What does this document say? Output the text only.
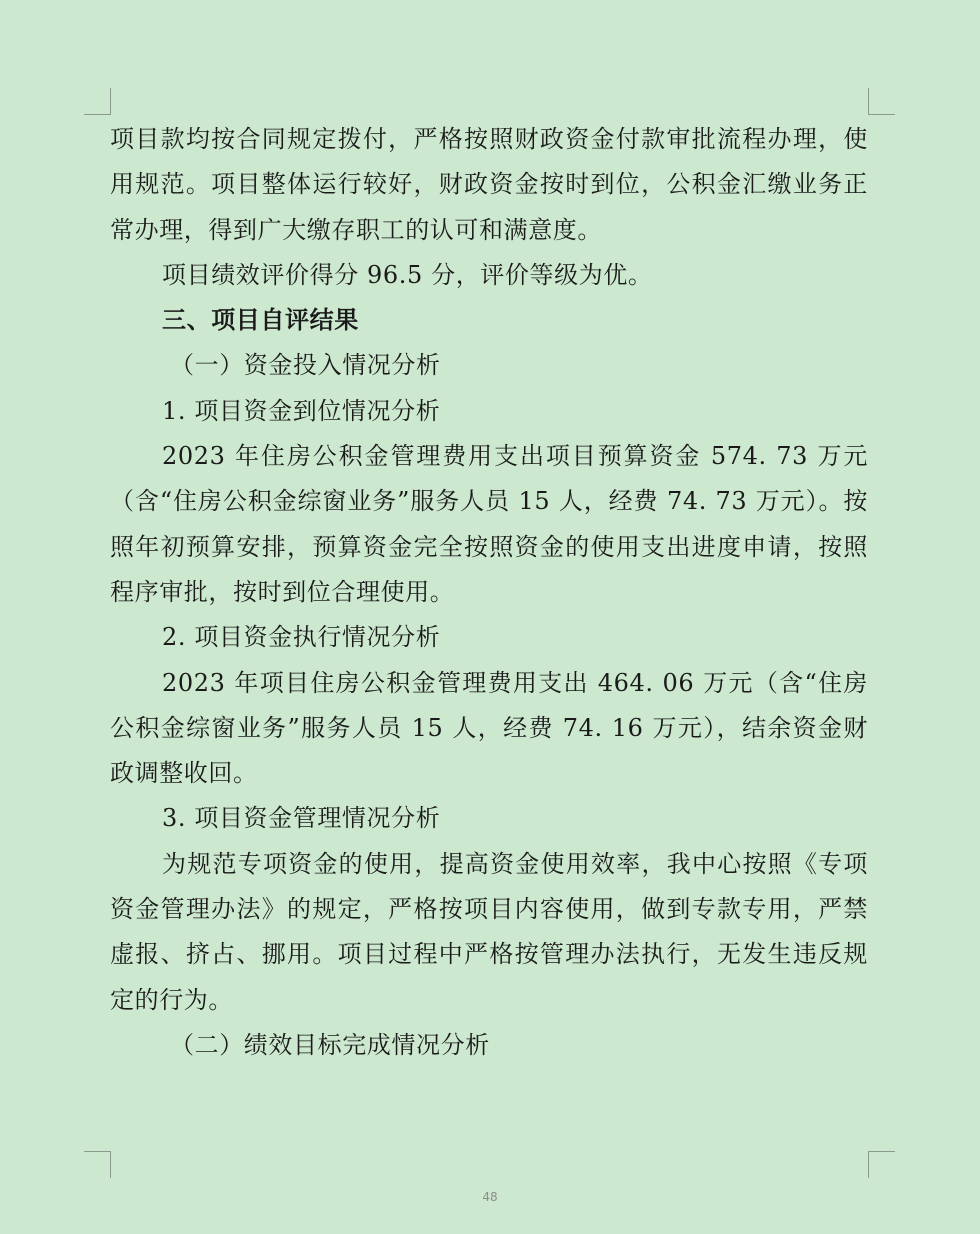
项目款均按合同规定拨付，严格按照财政资金付款审批流程办理，使用规范。项目整体运行较好，财政资金按时到位，公积金汇缴业务正常办理，得到广大缴存职工的认可和满意度。

项目绩效评价得分 96.5 分，评价等级为优。

三、项目自评结果

（一）资金投入情况分析

1. 项目资金到位情况分析

2023 年住房公积金管理费用支出项目预算资金 574. 73 万元（含“住房公积金综窗业务”服务人员 15 人，经费 74. 73 万元）。按照年初预算安排，预算资金完全按照资金的使用支出进度申请，按照程序审批，按时到位合理使用。

2. 项目资金执行情况分析

2023 年项目住房公积金管理费用支出 464. 06 万元（含“住房公积金综窗业务”服务人员 15 人，经费 74. 16 万元），结余资金财政调整收回。

3. 项目资金管理情况分析

为规范专项资金的使用，提高资金使用效率，我中心按照《专项资金管理办法》的规定，严格按项目内容使用，做到专款专用，严禁虚报、挤占、挪用。项目过程中严格按管理办法执行，无发生违反规定的行为。

（二）绩效目标完成情况分析

48
